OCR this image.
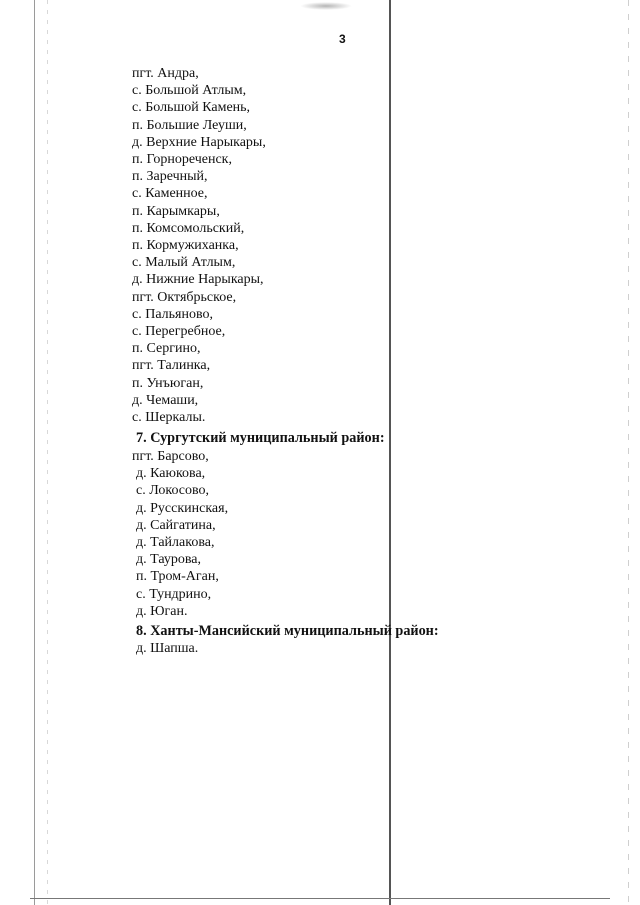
3
пгт. Андра,
с. Большой Атлым,
с. Большой Камень,
п. Большие Леуши,
д. Верхние Нарыкары,
п. Горнореченск,
п. Заречный,
с. Каменное,
п. Карымкары,
п. Комсомольский,
п. Кормужиханка,
с. Малый Атлым,
д. Нижние Нарыкары,
пгт. Октябрьское,
с. Пальяново,
с. Перегребное,
п. Сергино,
пгт. Талинка,
п. Унъюган,
д. Чемаши,
с. Шеркалы.
7. Сургутский муниципальный район:
пгт. Барсово,
д. Каюкова,
с. Локосово,
д. Русскинская,
д. Сайгатина,
д. Тайлакова,
д. Таурова,
п. Тром-Аган,
с. Тундрино,
д. Юган.
8. Ханты-Мансийский муниципальный район:
д. Шапша.
